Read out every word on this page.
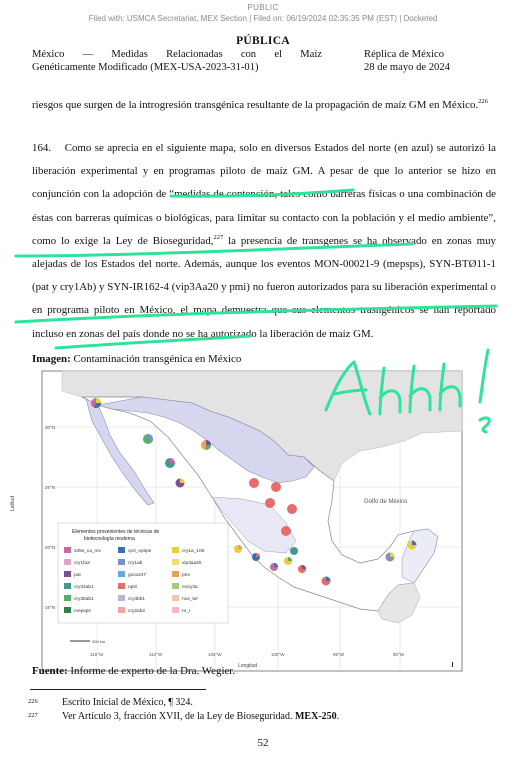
PUBLIC
Filed with: USMCA Secretariat, MEX Section | Filed on: 06/19/2024 02:35:35 PM (EST) | Docketed
PÚBLICA
México — Medidas Relacionadas con el Maíz
Genéticamente Modificado (MEX-USA-2023-31-01)
Réplica de México
28 de mayo de 2024

riesgos que surgen de la introgresión transgénica resultante de la propagación de maíz GM en México.$^{226}$

164. Como se aprecia en el siguiente mapa, solo en diversos Estados del norte (en azul) se autorizó la liberación experimental y en programas piloto de maíz GM. A pesar de que lo anterior se hizo en conjunción con la adopción de “medidas de contención, tales como barreras físicas o una combinación de éstas con barreras químicas o biológicas, para limitar su contacto con la población y el medio ambiente”, como lo exige la Ley de Bioseguridad,$^{227}$ la presencia de transgenes se ha observado en zonas muy alejadas de los Estados del norte. Además, aunque los eventos MON-00021-9 (mepsps), SYN-BTØ11-1 (pat y cry1Ab) y SYN-IR162-4 (vip3Aa20 y pmi) no fueron autorizados para su liberación experimental o en programa piloto en México, el mapa demuestra que sus elementos trasngénicos se han reportado incluso en zonas del país donde no se ha autorizado la liberación de maíz GM.

Imagen: Contaminación transgénica en México
Golfo de México
Latitud
Longitud
30°N
25°N
20°N
15°N
115°W	110°W	105°W	100°W	95°W	90°W
300 km
Elementos provenientes de técnicas de
biotecnología moderna
s35s_ca_mv	cp4_epsps	cry1a_105
cry1fa2	cry1ab	vip3aa20
pat	goxv247	pmi
cry34ab1	nptii	mcry3a
cry35ab1	cry3bb1	nos_ter
mepsps	cry2ab2	nr_r
Fuente: Informe de experto de la Dra. Wegier.
226	Escrito Inicial de México, ¶ 324.
227	Ver Artículo 3, fracción XVII, de la Ley de Bioseguridad. MEX-250.
52
Ahhh!
